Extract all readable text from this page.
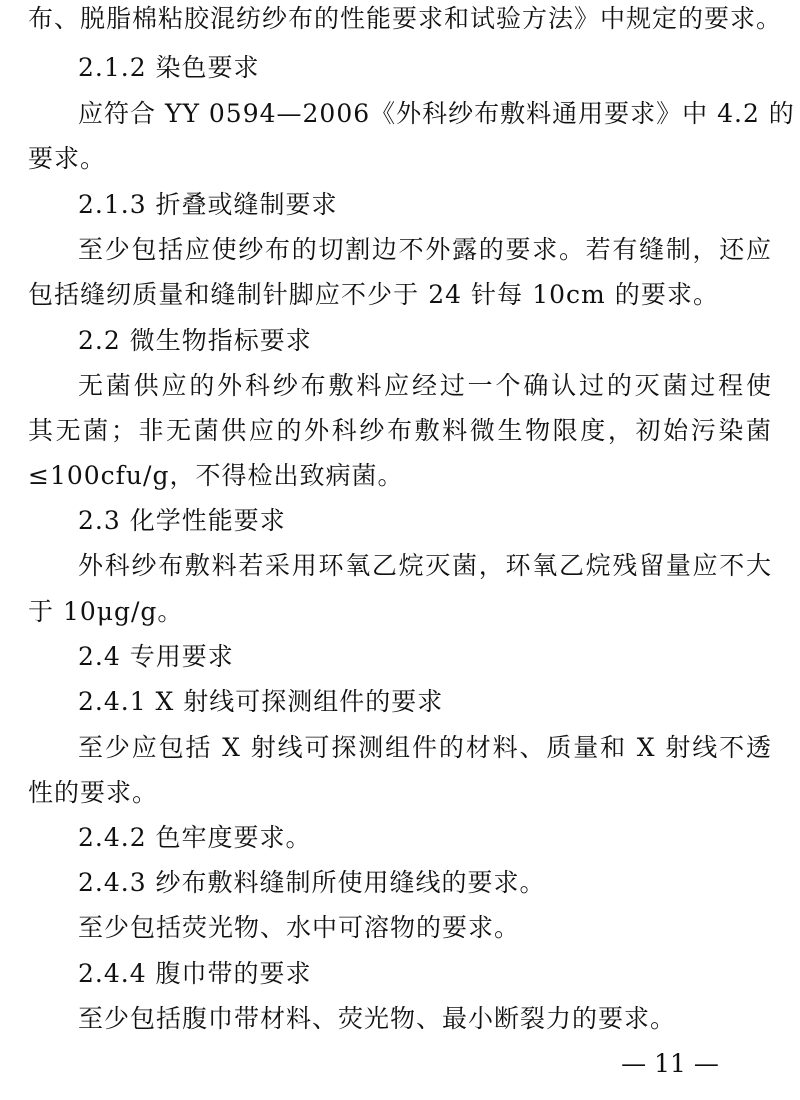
布、脱脂棉粘胶混纺纱布的性能要求和试验方法》中规定的要求。
2.1.2 染色要求
应符合 YY 0594—2006《外科纱布敷料通用要求》中 4.2 的
要求。
2.1.3 折叠或缝制要求
至少包括应使纱布的切割边不外露的要求。若有缝制，还应
包括缝纫质量和缝制针脚应不少于 24 针每 10cm 的要求。
2.2 微生物指标要求
无菌供应的外科纱布敷料应经过一个确认过的灭菌过程使
其无菌；非无菌供应的外科纱布敷料微生物限度，初始污染菌
≤100cfu/g，不得检出致病菌。
2.3 化学性能要求
外科纱布敷料若采用环氧乙烷灭菌，环氧乙烷残留量应不大
于 10μg/g。
2.4 专用要求
2.4.1 X 射线可探测组件的要求
至少应包括 X 射线可探测组件的材料、质量和 X 射线不透
性的要求。
2.4.2 色牢度要求。
2.4.3 纱布敷料缝制所使用缝线的要求。
至少包括荧光物、水中可溶物的要求。
2.4.4 腹巾带的要求
至少包括腹巾带材料、荧光物、最小断裂力的要求。
— 11 —
